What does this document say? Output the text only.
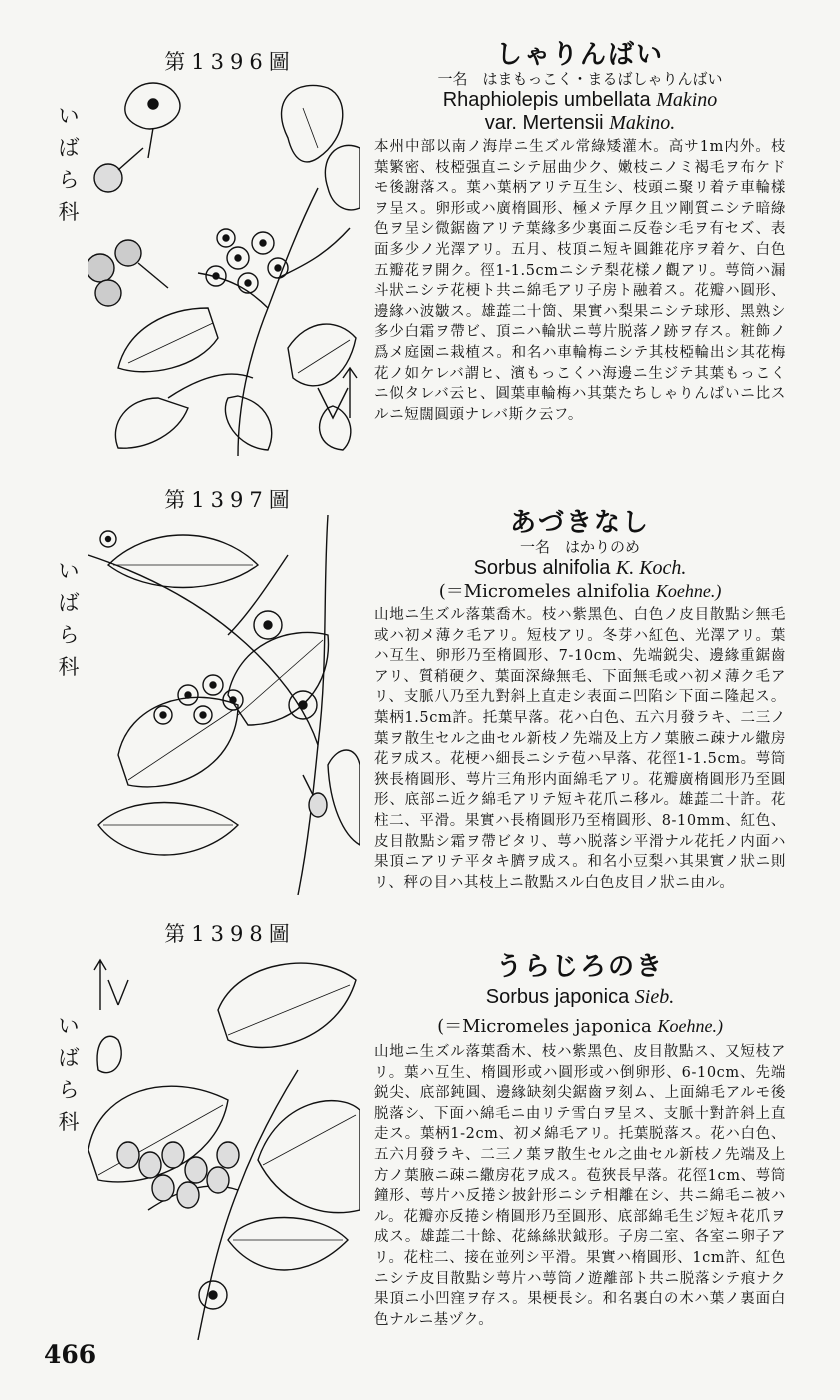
第1396圖
い
ば
ら
科
しゃりんばい
一名　はまもっこく・まるばしゃりんばい
Rhaphiolepis umbellata Makino
var. Mertensii Makino.
本州中部以南ノ海岸ニ生ズル常綠矮灌木。高サ1m内外。枝葉繁密、枝椏强直ニシテ屈曲少ク、嫩枝ニノミ褐毛ヲ布ケドモ後謝落ス。葉ハ葉柄アリテ互生シ、枝頭ニ聚リ着テ車輪樣ヲ呈ス。卵形或ハ廣楕圓形、極メテ厚ク且ツ剛質ニシテ暗綠色ヲ呈シ微鋸齒アリテ葉緣多少裏面ニ反卷シ毛ヲ有セズ、表面多少ノ光澤アリ。五月、枝頂ニ短キ圓錐花序ヲ着ケ、白色五瓣花ヲ開ク。徑1-1.5cmニシテ梨花樣ノ觀アリ。萼筒ハ漏斗狀ニシテ花梗ト共ニ綿毛アリ子房ト融着ス。花瓣ハ圓形、邊緣ハ波皺ス。雄蕋二十箇、果實ハ梨果ニシテ球形、黑熟シ多少白霜ヲ帶ビ、頂ニハ輪狀ニ萼片脱落ノ跡ヲ存ス。粧飾ノ爲メ庭園ニ栽植ス。和名ハ車輪梅ニシテ其枝椏輪出シ其花梅花ノ如ケレバ謂ヒ、濱もっこくハ海邊ニ生ジテ其葉もっこくニ似タレバ云ヒ、圓葉車輪梅ハ其葉たちしゃりんばいニ比スルニ短闊圓頭ナレバ斯ク云フ。
第1397圖
い
ば
ら
科
あづきなし
一名　はかりのめ
Sorbus alnifolia K. Koch.
(＝Micromeles alnifolia Koehne.)
山地ニ生ズル落葉喬木。枝ハ紫黑色、白色ノ皮目散點シ無毛或ハ初メ薄ク毛アリ。短枝アリ。冬芽ハ紅色、光澤アリ。葉ハ互生、卵形乃至楕圓形、7-10cm、先端鋭尖、邊緣重鋸齒アリ、質稍硬ク、葉面深綠無毛、下面無毛或ハ初メ薄ク毛アリ、支脈八乃至九對斜上直走シ表面ニ凹陷シ下面ニ隆起ス。葉柄1.5cm許。托葉早落。花ハ白色、五六月發ラキ、二三ノ葉ヲ散生セル之曲セル新枝ノ先端及上方ノ葉腋ニ疎ナル繖房花ヲ成ス。花梗ハ細長ニシテ苞ハ早落、花徑1-1.5cm。萼筒狹長楕圓形、萼片三角形内面綿毛アリ。花瓣廣楕圓形乃至圓形、底部ニ近ク綿毛アリテ短キ花爪ニ移ル。雄蕋二十許。花柱二、平滑。果實ハ長楕圓形乃至楕圓形、8-10mm、紅色、皮目散點シ霜ヲ帶ビタリ、萼ハ脱落シ平滑ナル花托ノ内面ハ果頂ニアリテ平タキ臍ヲ成ス。和名小豆梨ハ其果實ノ狀ニ則リ、秤の目ハ其枝上ニ散點スル白色皮目ノ狀ニ由ル。
第1398圖
い
ば
ら
科
うらじろのき
Sorbus japonica Sieb.
(＝Micromeles japonica Koehne.)
山地ニ生ズル落葉喬木、枝ハ紫黑色、皮目散點ス、又短枝アリ。葉ハ互生、楕圓形或ハ圓形或ハ倒卵形、6-10cm、先端鋭尖、底部鈍圓、邊緣缺刻尖鋸齒ヲ刻ム、上面綿毛アルモ後脱落シ、下面ハ綿毛ニ由リテ雪白ヲ呈ス、支脈十對許斜上直走ス。葉柄1-2cm、初メ綿毛アリ。托葉脱落ス。花ハ白色、五六月發ラキ、二三ノ葉ヲ散生セル之曲セル新枝ノ先端及上方ノ葉腋ニ疎ニ繖房花ヲ成ス。苞狹長早落。花徑1cm、萼筒鐘形、萼片ハ反捲シ披針形ニシテ相離在シ、共ニ綿毛ニ被ハル。花瓣亦反捲シ楕圓形乃至圓形、底部綿毛生ジ短キ花爪ヲ成ス。雄蕋二十餘、花絲絲狀鉞形。子房二室、各室ニ卵子アリ。花柱二、接在並列シ平滑。果實ハ楕圓形、1cm許、紅色ニシテ皮目散點シ萼片ハ萼筒ノ遊離部ト共ニ脱落シテ痕ナク果頂ニ小凹窪ヲ存ス。果梗長シ。和名裏白の木ハ葉ノ裏面白色ナルニ基ヅク。
466
